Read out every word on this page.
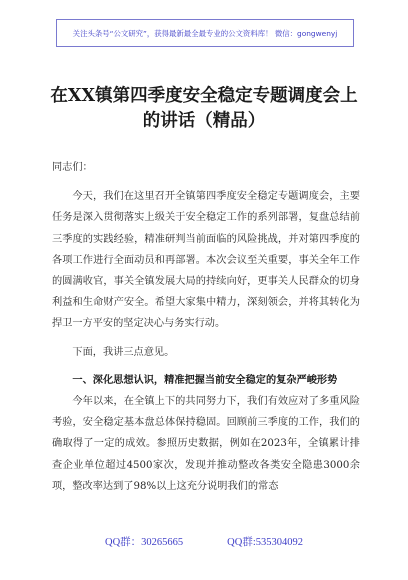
关注头条号“公文研究”，获得最新最全最专业的公文资料库！ 微信：gongwenyj
在XX镇第四季度安全稳定专题调度会上
的讲话（精品）

同志们：

今天，我们在这里召开全镇第四季度安全稳定专题调度会，主要任务是深入贯彻落实上级关于安全稳定工作的系列部署，复盘总结前三季度的实践经验，精准研判当前面临的风险挑战，并对第四季度的各项工作进行全面动员和再部署。本次会议至关重要，事关全年工作的圆满收官，事关全镇发展大局的持续向好，更事关人民群众的切身利益和生命财产安全。希望大家集中精力，深刻领会，并将其转化为捍卫一方平安的坚定决心与务实行动。

下面，我讲三点意见。

一、深化思想认识，精准把握当前安全稳定的复杂严峻形势

今年以来，在全镇上下的共同努力下，我们有效应对了多重风险考验，安全稳定基本盘总体保持稳固。回顾前三季度的工作，我们的确取得了一定的成效。参照历史数据，例如在2023年，全镇累计排查企业单位超过4500家次，发现并推动整改各类安全隐患3000余项，整改率达到了98%以上这充分说明我们的常态

QQ群：30265665	QQ群:535304092
